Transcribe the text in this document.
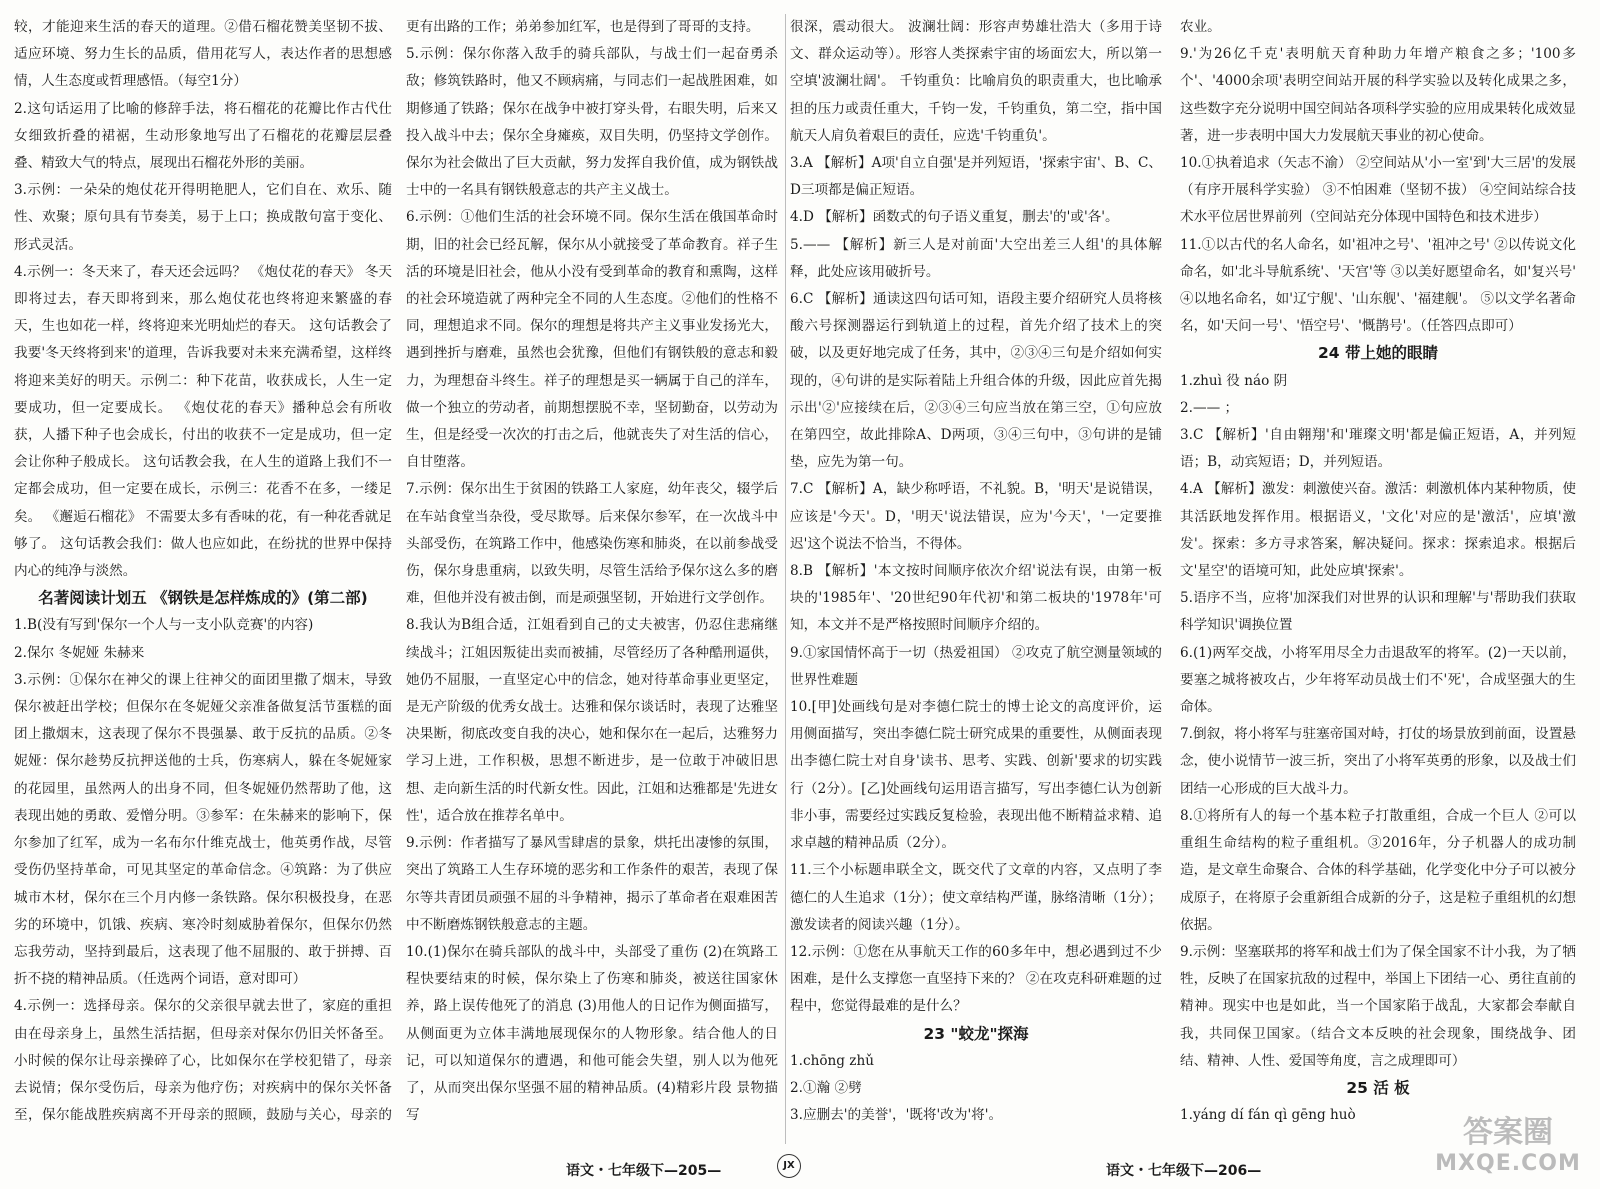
较，才能迎来生活的春天的道理。②借石榴花赞美坚韧不拔、适应环境、努力生长的品质，借用花写人，表达作者的思想感情，人生态度或哲理感悟。（每空1分）

2.这句话运用了比喻的修辞手法，将石榴花的花瓣比作古代仕女细致折叠的裙裾，生动形象地写出了石榴花的花瓣层层叠叠、精致大气的特点，展现出石榴花外形的美丽。

3.示例：一朵朵的炮仗花开得明艳肥人，它们自在、欢乐、随性、欢聚；原句具有节奏美，易于上口；换成散句富于变化、形式灵活。

4.示例一：冬天来了，春天还会远吗？ 《炮仗花的春天》 冬天即将过去，春天即将到来，那么炮仗花也终将迎来繁盛的春天，生也如花一样，终将迎来光明灿烂的春天。 这句话教会了我要'冬天终将到来'的道理，告诉我要对未来充满希望，这样终将迎来美好的明天。示例二：种下花苗，收获成长，人生一定要成功，但一定要成长。 《炮仗花的春天》播种总会有所收获，人播下种子也会成长，付出的收获不一定是成功，但一定会让你种子般成长。 这句话教会我，在人生的道路上我们不一定都会成功，但一定要在成长，示例三：花香不在多，一缕足矣。 《邂逅石榴花》 不需要太多有香味的花，有一种花香就足够了。 这句话教会我们：做人也应如此，在纷扰的世界中保持内心的纯净与淡然。

名著阅读计划五 《钢铁是怎样炼成的》(第二部)

1.B(没有写到'保尔一个人与一支小队竞赛'的内容)

2.保尔 冬妮娅 朱赫来

3.示例：①保尔在神父的课上往神父的面团里撒了烟末，导致保尔被赶出学校；但保尔在冬妮娅父亲准备做复活节蛋糕的面团上撒烟末，这表现了保尔不畏强暴、敢于反抗的品质。②冬妮娅：保尔趁势反抗押送他的士兵，伤寒病人，躲在冬妮娅家的花园里，虽然两人的出身不同，但冬妮娅仍然帮助了他，这表现出她的勇敢、爱憎分明。③参军：在朱赫来的影响下，保尔参加了红军，成为一名布尔什维克战士，他英勇作战，尽管受伤仍坚持革命，可见其坚定的革命信念。④筑路：为了供应城市木材，保尔在三个月内修一条铁路。保尔积极投身，在恶劣的环境中，饥饿、疾病、寒冷时刻威胁着保尔，但保尔仍然忘我劳动，坚持到最后，这表现了他不屈服的、敢于拼搏、百折不挠的精神品质。（任选两个词语，意对即可）

4.示例一：选择母亲。保尔的父亲很早就去世了，家庭的重担由在母亲身上，虽然生活拮据，但母亲对保尔仍旧关怀备至。小时候的保尔让母亲操碎了心，比如保尔在学校犯错了，母亲去说情；保尔受伤后，母亲为他疗伤；对疾病中的保尔关怀备至，保尔能战胜疾病离不开母亲的照顾，鼓励与关心，母亲的

更有出路的工作；弟弟参加红军，也是得到了哥哥的支持。

5.示例：保尔你落入敌手的骑兵部队，与战士们一起奋勇杀敌；修筑铁路时，他又不顾病痛，与同志们一起战胜困难，如期修通了铁路；保尔在战争中被打穿头骨，右眼失明，后来又投入战斗中去；保尔全身瘫痪，双目失明，仍坚持文学创作。保尔为社会做出了巨大贡献，努力发挥自我价值，成为钢铁战士中的一名具有钢铁般意志的共产主义战士。

6.示例：①他们生活的社会环境不同。保尔生活在俄国革命时期，旧的社会已经瓦解，保尔从小就接受了革命教育。祥子生活的环境是旧社会，他从小没有受到革命的教育和熏陶，这样的社会环境造就了两种完全不同的人生态度。②他们的性格不同，理想追求不同。保尔的理想是将共产主义事业发扬光大，遇到挫折与磨难，虽然也会犹豫，但他们有钢铁般的意志和毅力，为理想奋斗终生。祥子的理想是买一辆属于自己的洋车，做一个独立的劳动者，前期想摆脱不幸，坚韧勤奋，以劳动为生，但是经受一次次的打击之后，他就丧失了对生活的信心，自甘堕落。

7.示例：保尔出生于贫困的铁路工人家庭，幼年丧父，辍学后在车站食堂当杂役，受尽欺辱。后来保尔参军，在一次战斗中头部受伤，在筑路工作中，他感染伤寒和肺炎，在以前参战受伤，保尔身患重病，以致失明，尽管生活给予保尔这么多的磨难，但他并没有被击倒，而是顽强坚韧，开始进行文学创作。

8.我认为B组合适，江姐看到自己的丈夫被害，仍忍住悲痛继续战斗；江姐因叛徒出卖而被捕，尽管经历了各种酷刑逼供，她仍不屈服，一直坚定心中的信念，她对待革命事业更坚定，是无产阶级的优秀女战士。达雅和保尔谈话时，表现了达雅坚决果断，彻底改变自我的决心，她和保尔在一起后，达雅努力学习上进，工作积极，思想不断进步，是一位敢于冲破旧思想、走向新生活的时代新女性。因此，江姐和达雅都是'先进女性'，适合放在推荐名单中。

9.示例：作者描写了暴风雪肆虐的景象，烘托出凄惨的氛围，突出了筑路工人生存环境的恶劣和工作条件的艰苦，表现了保尔等共青团员顽强不屈的斗争精神，揭示了革命者在艰难困苦中不断磨炼钢铁般意志的主题。

10.(1)保尔在骑兵部队的战斗中，头部受了重伤 (2)在筑路工程快要结束的时候，保尔染上了伤寒和肺炎，被送往国家休养，路上误传他死了的消息 (3)用他人的日记作为侧面描写，从侧面更为立体丰满地展现保尔的人物形象。结合他人的日记，可以知道保尔的遭遇，和他可能会失望，别人以为他死了，从而突出保尔坚强不屈的精神品质。(4)精彩片段 景物描写

很深，震动很大。 波澜壮阔：形容声势雄壮浩大（多用于诗文、群众运动等）。形容人类探索宇宙的场面宏大，所以第一空填'波澜壮阔'。 千钧重负：比喻肩负的职责重大，也比喻承担的压力或责任重大，千钧一发，千钧重负，第二空，指中国航天人肩负着艰巨的责任，应选'千钧重负'。

3.A 【解析】A项'自立自强'是并列短语，'探索宇宙'、B、C、D三项都是偏正短语。

4.D 【解析】函数式的句子语义重复，删去'的'或'各'。

5.—— 【解析】新三人是对前面'大空出差三人组'的具体解释，此处应该用破折号。

6.C 【解析】通读这四句话可知，语段主要介绍研究人员将核酸六号探测器运行到轨道上的过程，首先介绍了技术上的突破，以及更好地完成了任务，其中，②③④三句是介绍如何实现的，④句讲的是实际着陆上升组合体的升级，因此应首先揭示出'②'应接续在后，②③④三句应当放在第三空，①句应放在第四空，故此排除A、D两项，③④三句中，③句讲的是铺垫，应先为第一句。

7.C 【解析】A，缺少称呼语，不礼貌。B，'明天'是说错误，应该是'今天'。D，'明天'说法错误，应为'今天'，'一定要推迟'这个说法不恰当，不得体。

8.B 【解析】'本文按时间顺序依次介绍'说法有误，由第一板块的'1985年'、'20世纪90年代初'和第二板块的'1978年'可知，本文并不是严格按照时间顺序介绍的。

9.①家国情怀高于一切（热爱祖国） ②攻克了航空测量领域的世界性难题

10.[甲]处画线句是对李德仁院士的博士论文的高度评价，运用侧面描写，突出李德仁院士研究成果的重要性，从侧面表现出李德仁院士对自身'读书、思考、实践、创新'要求的切实践行（2分）。[乙]处画线句运用语言描写，写出李德仁认为创新非小事，需要经过实践反复检验，表现出他不断精益求精、追求卓越的精神品质（2分）。

11.三个小标题串联全文，既交代了文章的内容，又点明了李德仁的人生追求（1分）；使文章结构严谨，脉络清晰（1分）；激发读者的阅读兴趣（1分）。

12.示例：①您在从事航天工作的60多年中，想必遇到过不少困难，是什么支撑您一直坚持下来的？ ②在攻克科研难题的过程中，您觉得最难的是什么？

23 "蛟龙"探海

1.chōng zhǔ

2.①瀚 ②劈

3.应删去'的美誉'，'既将'改为'将'。

农业。

9.'为26亿千克'表明航天育种助力年增产粮食之多；'100多个'、'4000余项'表明空间站开展的科学实验以及转化成果之多，这些数字充分说明中国空间站各项科学实验的应用成果转化成效显著，进一步表明中国大力发展航天事业的初心使命。

10.①执着追求（矢志不渝） ②空间站从'小一室'到'大三居'的发展（有序开展科学实验） ③不怕困难（坚韧不拔） ④空间站综合技术水平位居世界前列（空间站充分体现中国特色和技术进步）

11.①以古代的名人命名，如'祖冲之号'、'祖冲之号' ②以传说文化命名，如'北斗导航系统'、'天宫'等 ③以美好愿望命名，如'复兴号' ④以地名命名，如'辽宁舰'、'山东舰'、'福建舰'。 ⑤以文学名著命名，如'天问一号'、'悟空号'、'慨鹊号'。（任答四点即可）

24 带上她的眼睛

1.zhuì 役 náo 阴

2.—— ；

3.C 【解析】'自由翱翔'和'璀璨文明'都是偏正短语，A，并列短语；B，动宾短语；D，并列短语。

4.A 【解析】激发：刺激使兴奋。激活：刺激机体内某种物质，使其活跃地发挥作用。根据语义，'文化'对应的是'激活'，应填'激发'。探索：多方寻求答案，解决疑问。探求：探索追求。根据后文'星空'的语境可知，此处应填'探索'。

5.语序不当，应将'加深我们对世界的认识和理解'与'帮助我们获取科学知识'调换位置

6.(1)两军交战，小将军用尽全力击退敌军的将军。(2)一天以前，要塞之城将被攻占，少年将军动员战士们不'死'，合成坚强大的生命体。

7.倒叙，将小将军与驻塞帝国对峙，打仗的场景放到前面，设置悬念，使小说情节一波三折，突出了小将军英勇的形象，以及战士们团结一心形成的巨大战斗力。

8.①将所有人的每一个基本粒子打散重组，合成一个巨人 ②可以重组生命结构的粒子重组机。③2016年，分子机器人的成功制造，是文章生命聚合、合体的科学基础，化学变化中分子可以被分成原子，在将原子会重新组合成新的分子，这是粒子重组机的幻想依据。

9.示例：坚塞联邦的将军和战士们为了保全国家不计小我，为了牺牲，反映了在国家抗敌的过程中，举国上下团结一心、勇往直前的精神。现实中也是如此，当一个国家陷于战乱，大家都会奉献自我，共同保卫国家。（结合文本反映的社会现象，围绕战争、团结、精神、人性、爱国等角度，言之成理即可）

25 活 板

1.yáng dí fán qì gēng huò

语文・七年级下—205—	JX	语文・七年级下—206—
答案圈
MXQE.COM
